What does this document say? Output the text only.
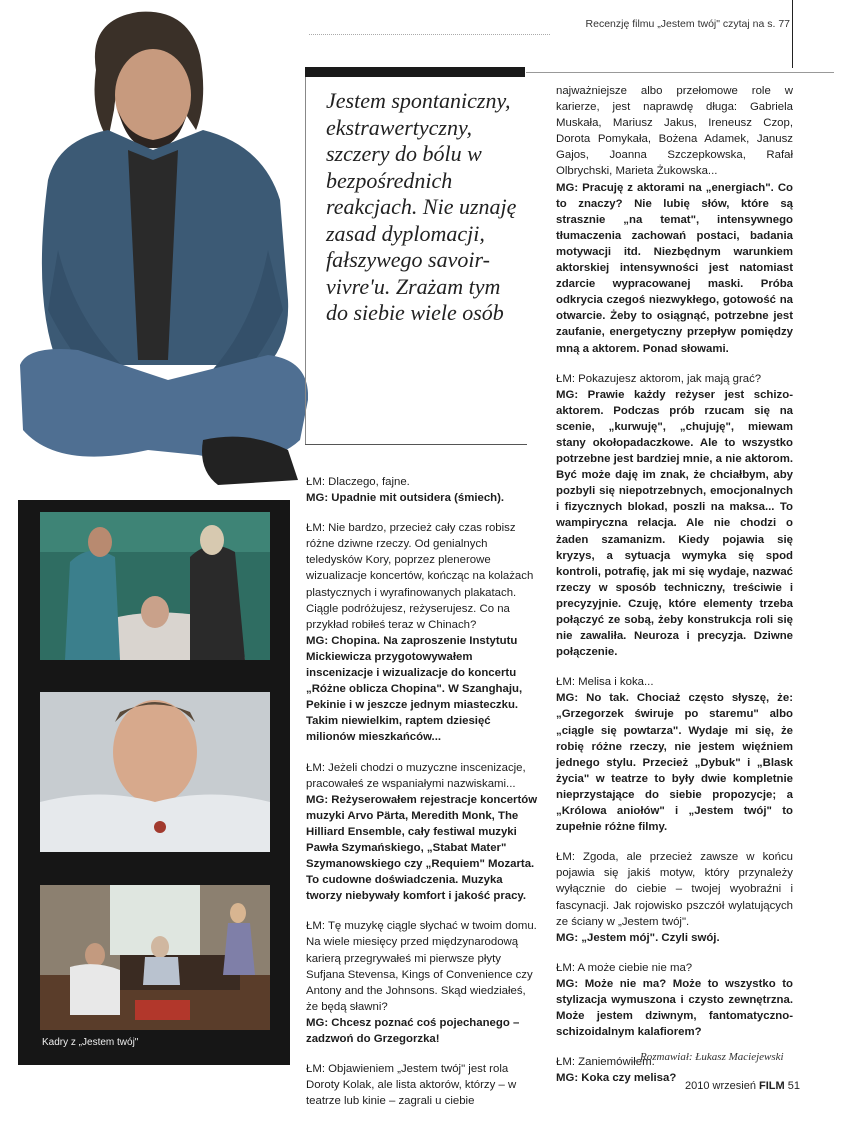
Recenzję filmu „Jestem twój" czytaj na s. 77
Jestem spontaniczny, ekstrawertyczny, szczery do bólu w bezpośrednich reakcjach. Nie uznaję zasad dyplomacji, fałszywego savoir-vivre'u. Zrażam tym do siebie wiele osób
Kadry z „Jestem twój"

ŁM: Dlaczego, fajne.
MG: Upadnie mit outsidera (śmiech).

ŁM: Nie bardzo, przecież cały czas robisz różne dziwne rzeczy. Od genialnych teledysków Kory, poprzez plenerowe wizualizacje koncertów, kończąc na kolażach plastycznych i wyrafinowanych plakatach. Ciągle podróżujesz, reżyserujesz. Co na przykład robiłeś teraz w Chinach?
MG: Chopina. Na zaproszenie Instytutu Mickiewicza przygotowywałem inscenizacje i wizualizacje do koncertu „Różne oblicza Chopina". W Szanghaju, Pekinie i w jeszcze jednym miasteczku. Takim niewielkim, raptem dziesięć milionów mieszkańców...

ŁM: Jeżeli chodzi o muzyczne inscenizacje, pracowałeś ze wspaniałymi nazwiskami...
MG: Reżyserowałem rejestracje koncertów muzyki Arvo Pärta, Meredith Monk, The Hilliard Ensemble, cały festiwal muzyki Pawła Szymańskiego, „Stabat Mater" Szymanowskiego czy „Requiem" Mozarta. To cudowne doświadczenia. Muzyka tworzy niebywały komfort i jakość pracy.

ŁM: Tę muzykę ciągle słychać w twoim domu. Na wiele miesięcy przed międzynarodową karierą przegrywałeś mi pierwsze płyty Sufjana Stevensa, Kings of Convenience czy Antony and the Johnsons. Skąd wiedziałeś, że będą sławni?
MG: Chcesz poznać coś pojechanego – zadzwoń do Grzegorzka!

ŁM: Objawieniem „Jestem twój" jest rola Doroty Kolak, ale lista aktorów, którzy – w teatrze lub kinie – zagrali u ciebie

najważniejsze albo przełomowe role w karierze, jest naprawdę długa: Gabriela Muskała, Mariusz Jakus, Ireneusz Czop, Dorota Pomykała, Bożena Adamek, Janusz Gajos, Joanna Szczepkowska, Rafał Olbrychski, Marieta Żukowska...
MG: Pracuję z aktorami na „energiach". Co to znaczy? Nie lubię słów, które są strasznie „na temat", intensywnego tłumaczenia zachowań postaci, badania motywacji itd. Niezbędnym warunkiem aktorskiej intensywności jest natomiast zdarcie wypracowanej maski. Próba odkrycia czegoś niezwykłego, gotowość na otwarcie. Żeby to osiągnąć, potrzebne jest zaufanie, energetyczny przepływ pomiędzy mną a aktorem. Ponad słowami.

ŁM: Pokazujesz aktorom, jak mają grać?
MG: Prawie każdy reżyser jest schizo-aktorem. Podczas prób rzucam się na scenie, „kurwuję", „chujuję", miewam stany okołopadaczkowe. Ale to wszystko potrzebne jest bardziej mnie, a nie aktorom. Być może daję im znak, że chciałbym, aby pozbyli się niepotrzebnych, emocjonalnych i fizycznych blokad, poszli na maksa... To wampiryczna relacja. Ale nie chodzi o żaden szamanizm. Kiedy pojawia się kryzys, a sytuacja wymyka się spod kontroli, potrafię, jak mi się wydaje, nazwać rzeczy w sposób techniczny, treściwie i precyzyjnie. Czuję, które elementy trzeba połączyć ze sobą, żeby konstrukcja roli się nie zawaliła. Neuroza i precyzja. Dziwne połączenie.

ŁM: Melisa i koka...
MG: No tak. Chociaż często słyszę, że: „Grzegorzek świruje po staremu" albo „ciągle się powtarza". Wydaje mi się, że robię różne rzeczy, nie jestem więźniem jednego stylu. Przecież „Dybuk" i „Blask życia" w teatrze to były dwie kompletnie nieprzystające do siebie propozycje; a „Królowa aniołów" i „Jestem twój" to zupełnie różne filmy.

ŁM: Zgoda, ale przecież zawsze w końcu pojawia się jakiś motyw, który przynależy wyłącznie do ciebie – twojej wyobraźni i fascynacji. Jak rojowisko pszczół wylatujących ze ściany w „Jestem twój".
MG: „Jestem mój". Czyli swój.

ŁM: A może ciebie nie ma?
MG: Może nie ma? Może to wszystko to stylizacja wymuszona i czysto zewnętrzna. Może jestem dziwnym, fantomatyczno-schizoidalnym kalafiorem?

ŁM: Zaniemówiłem.
MG: Koka czy melisa?

Rozmawiał: Łukasz Maciejewski
2010 wrzesień FILM 51
